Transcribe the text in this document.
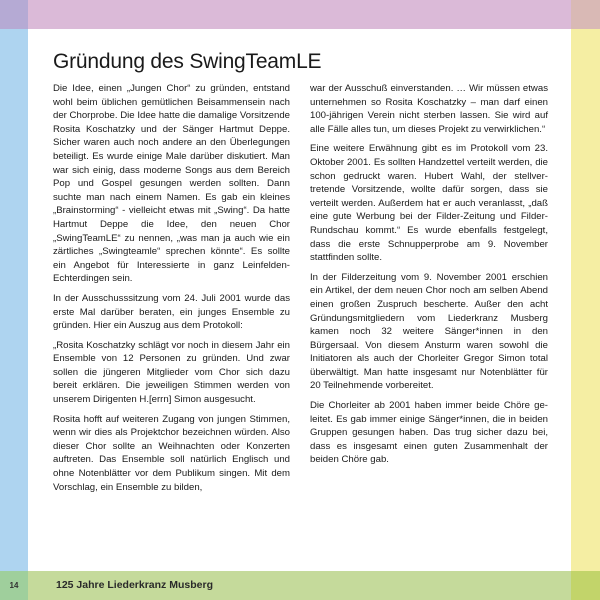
Gründung des SwingTeamLE

Die Idee, einen „Jungen Chor“ zu gründen, entstand wohl beim üblichen gemütlichen Beisammensein nach der Chorprobe. Die Idee hatte die damalige Vorsitzende Rosita Koschatzky und der Sänger Hartmut Deppe. Sicher waren auch noch andere an den Überlegungen beteiligt. Es wurde einige Male darüber diskutiert. Man war sich einig, dass moderne Songs aus dem Bereich Pop und Gospel gesungen werden sollten. Dann suchte man nach einem Namen. Es gab ein kleines „Brainstorming“ - vielleicht etwas mit „Swing“. Da hatte Hartmut Deppe die Idee, den neuen Chor „SwingTeamLE“ zu nennen, „was man ja auch wie ein zärtliches „Swingteamle“ sprechen könnte“. Es sollte ein Angebot für Interessierte in ganz Leinfelden-Echterdingen sein.

In der Ausschusssitzung vom 24. Juli 2001 wurde das erste Mal darüber beraten, ein junges Ensemble zu gründen. Hier ein Auszug aus dem Protokoll:

„Rosita Koschatzky schlägt vor noch in diesem Jahr ein Ensemble von 12 Personen zu gründen. Und zwar sollen die jüngeren Mitglieder vom Chor sich dazu bereit erklären. Die jeweiligen Stimmen werden von unserem Dirigenten H.[errn] Simon ausgesucht.

Rosita hofft auf weiteren Zugang von jungen Stimmen, wenn wir dies als Projektchor bezeichnen würden. Also dieser Chor sollte an Weihnachten oder Konzerten auftreten. Das Ensemble soll natürlich Englisch und ohne Notenblätter vor dem Publikum singen. Mit dem Vorschlag, ein Ensemble zu bilden,

war der Ausschuß einverstanden. … Wir müssen etwas unternehmen so Rosita Koschatzky – man darf einen 100-jährigen Verein nicht sterben lassen. Sie wird auf alle Fälle alles tun, um dieses Projekt zu verwirklichen.“

Eine weitere Erwähnung gibt es im Protokoll vom 23. Oktober 2001. Es sollten Handzettel verteilt werden, die schon gedruckt waren. Hubert Wahl, der stellvertretende Vorsitzende, wollte dafür sorgen, dass sie verteilt werden. Außerdem hat er auch veranlasst, „daß eine gute Werbung bei der Filder-Zeitung und Filder-Rundschau kommt.“ Es wurde ebenfalls festgelegt, dass die erste Schnupperprobe am 9. November stattfinden sollte.

In der Filderzeitung vom 9. November 2001 erschien ein Artikel, der dem neuen Chor noch am selben Abend einen großen Zuspruch bescherte. Außer den acht Gründungsmitgliedern vom Liederkranz Musberg kamen noch 32 weitere Sänger*innen in den Bürgersaal. Von diesem Ansturm waren sowohl die Initiatoren als auch der Chorleiter Gregor Simon total überwältigt. Man hatte insgesamt nur Notenblätter für 20 Teilnehmende vorbereitet.

Die Chorleiter ab 2001 haben immer beide Chöre geleitet. Es gab immer einige Sänger*innen, die in beiden Gruppen gesungen haben. Das trug sicher dazu bei, dass es insgesamt einen guten Zusammenhalt der beiden Chöre gab.

14	125 Jahre Liederkranz Musberg
